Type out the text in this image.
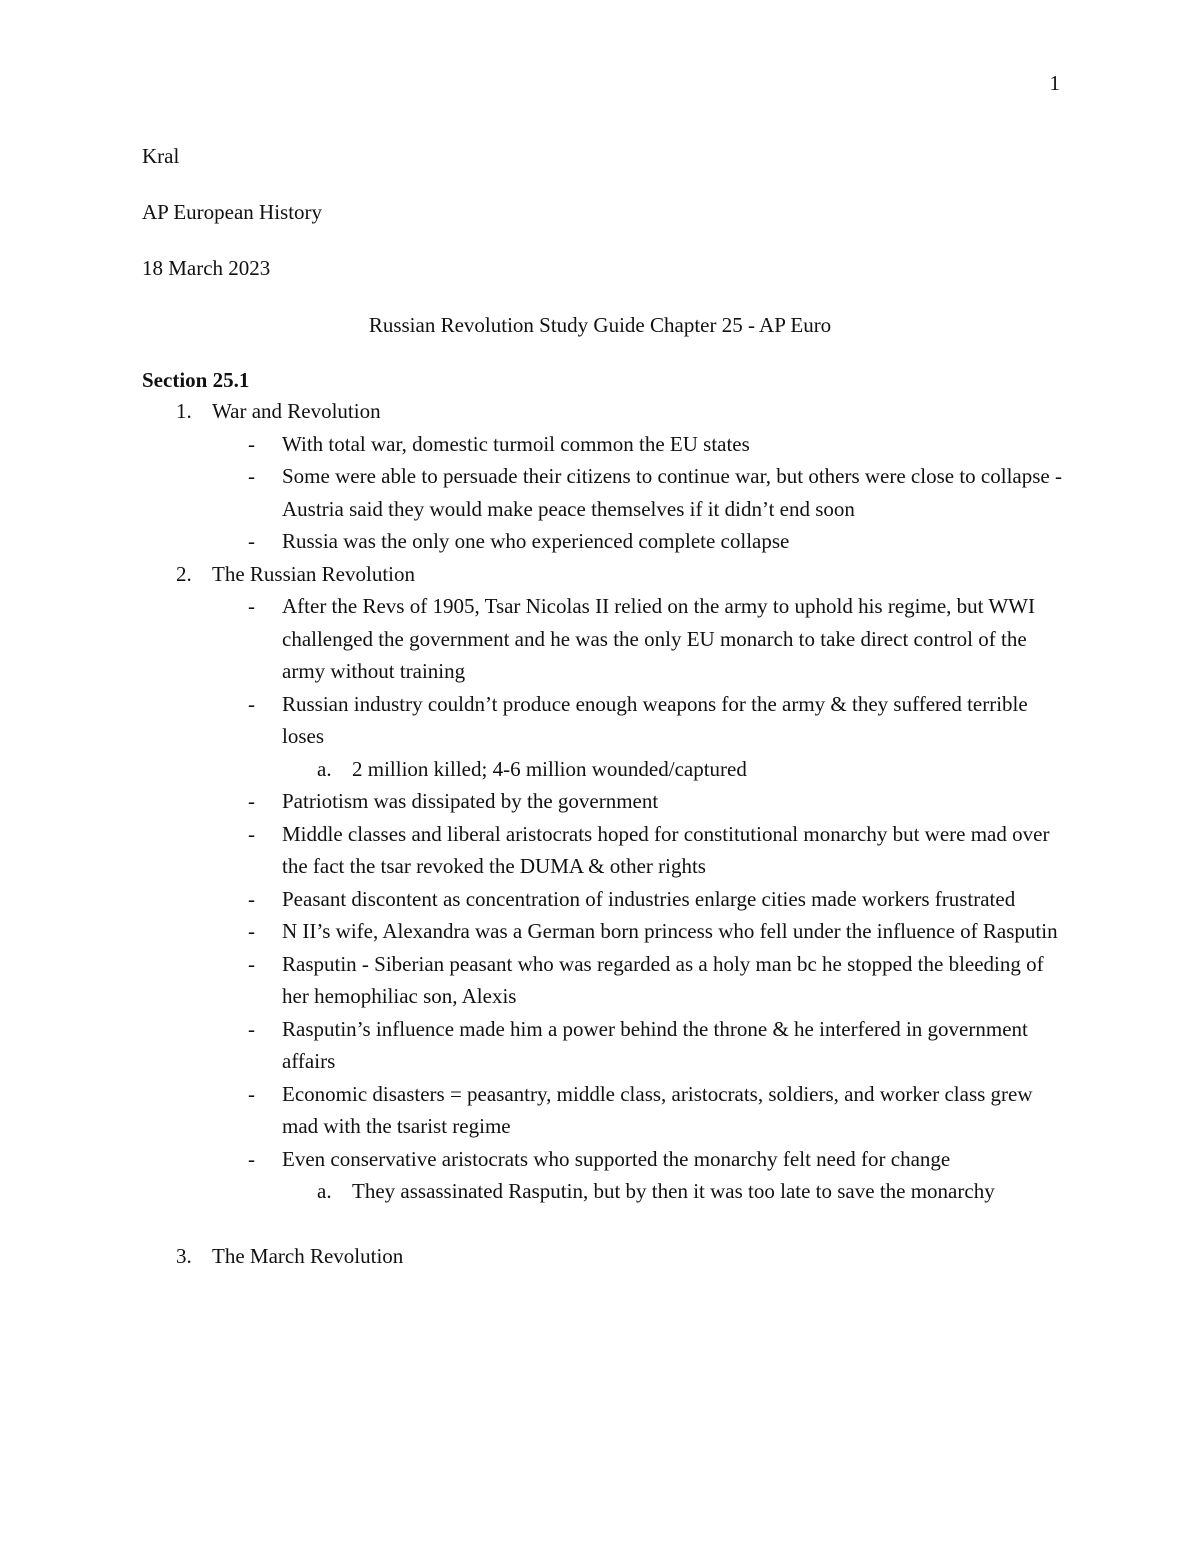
1
Kral
AP European History
18 March 2023
Russian Revolution Study Guide Chapter 25 - AP Euro
Section 25.1
1. War and Revolution
-	With total war, domestic turmoil common the EU states
-	Some were able to persuade their citizens to continue war, but others were close to collapse - Austria said they would make peace themselves if it didn’t end soon
-	Russia was the only one who experienced complete collapse
2. The Russian Revolution
-	After the Revs of 1905, Tsar Nicolas II relied on the army to uphold his regime, but WWI challenged the government and he was the only EU monarch to take direct control of the army without training
-	Russian industry couldn’t produce enough weapons for the army & they suffered terrible loses
a. 2 million killed; 4-6 million wounded/captured
-	Patriotism was dissipated by the government
-	Middle classes and liberal aristocrats hoped for constitutional monarchy but were mad over the fact the tsar revoked the DUMA & other rights
-	Peasant discontent as concentration of industries enlarge cities made workers frustrated
-	N II’s wife, Alexandra was a German born princess who fell under the influence of Rasputin
-	Rasputin - Siberian peasant who was regarded as a holy man bc he stopped the bleeding of her hemophiliac son, Alexis
-	Rasputin’s influence made him a power behind the throne & he interfered in government affairs
-	Economic disasters = peasantry, middle class, aristocrats, soldiers, and worker class grew mad with the tsarist regime
-	Even conservative aristocrats who supported the monarchy felt need for change
a. They assassinated Rasputin, but by then it was too late to save the monarchy
3. The March Revolution
